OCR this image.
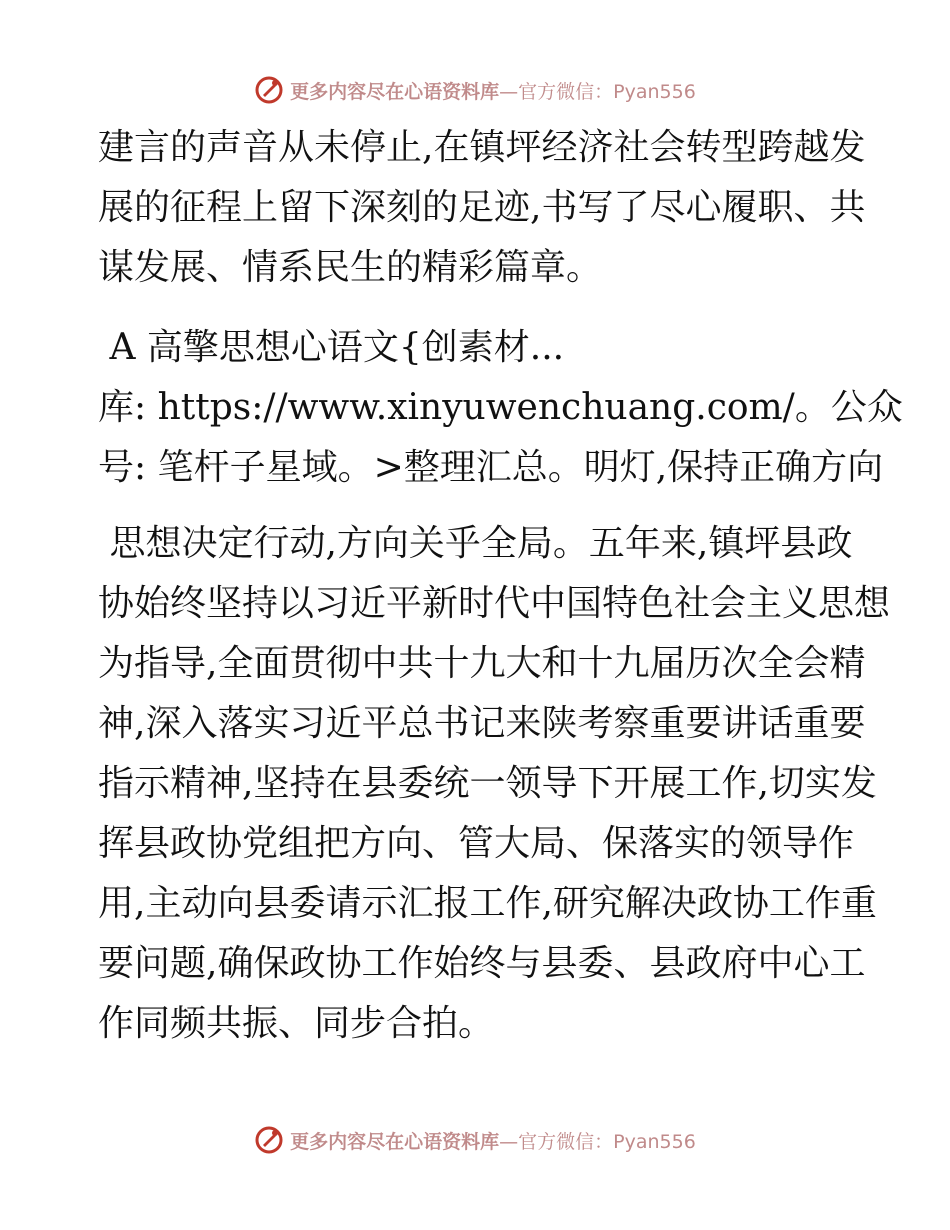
更多内容尽在心语资料库 —官方微信：Pyan556

建言的声音从未停止,在镇坪经济社会转型跨越发
展的征程上留下深刻的足迹,书写了尽心履职、共
谋发展、情系民生的精彩篇章。

A 高擎思想心语文{创素材...
库: https://www.xinyuwenchuang.com/。公众
号: 笔杆子星域。>整理汇总。明灯,保持正确方向

思想决定行动,方向关乎全局。五年来,镇坪县政
协始终坚持以习近平新时代中国特色社会主义思想
为指导,全面贯彻中共十九大和十九届历次全会精
神,深入落实习近平总书记来陕考察重要讲话重要
指示精神,坚持在县委统一领导下开展工作,切实发
挥县政协党组把方向、管大局、保落实的领导作
用,主动向县委请示汇报工作,研究解决政协工作重
要问题,确保政协工作始终与县委、县政府中心工
作同频共振、同步合拍。

更多内容尽在心语资料库 —官方微信：Pyan556
